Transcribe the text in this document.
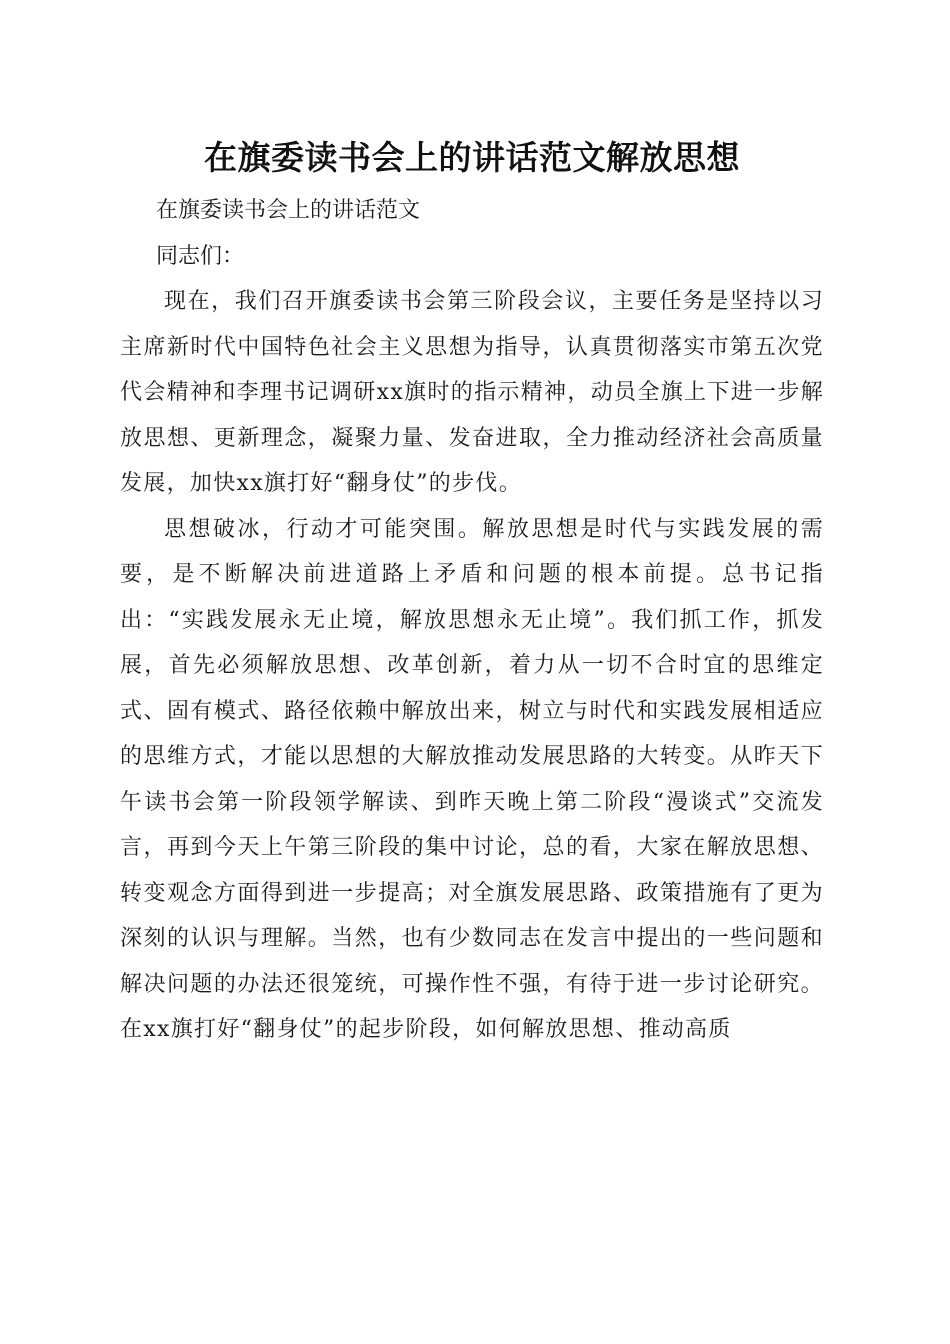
在旗委读书会上的讲话范文解放思想

在旗委读书会上的讲话范文

同志们：

现在，我们召开旗委读书会第三阶段会议，主要任务是坚持以习主席新时代中国特色社会主义思想为指导，认真贯彻落实市第五次党代会精神和李理书记调研xx旗时的指示精神，动员全旗上下进一步解放思想、更新理念，凝聚力量、发奋进取，全力推动经济社会高质量发展，加快xx旗打好“翻身仗”的步伐。

思想破冰，行动才可能突围。解放思想是时代与实践发展的需要，是不断解决前进道路上矛盾和问题的根本前提。总书记指出：“实践发展永无止境，解放思想永无止境”。我们抓工作，抓发展，首先必须解放思想、改革创新，着力从一切不合时宜的思维定式、固有模式、路径依赖中解放出来，树立与时代和实践发展相适应的思维方式，才能以思想的大解放推动发展思路的大转变。从昨天下午读书会第一阶段领学解读、到昨天晚上第二阶段“漫谈式”交流发言，再到今天上午第三阶段的集中讨论，总的看，大家在解放思想、转变观念方面得到进一步提高；对全旗发展思路、政策措施有了更为深刻的认识与理解。当然，也有少数同志在发言中提出的一些问题和解决问题的办法还很笼统，可操作性不强，有待于进一步讨论研究。在xx旗打好“翻身仗”的起步阶段，如何解放思想、推动高质
